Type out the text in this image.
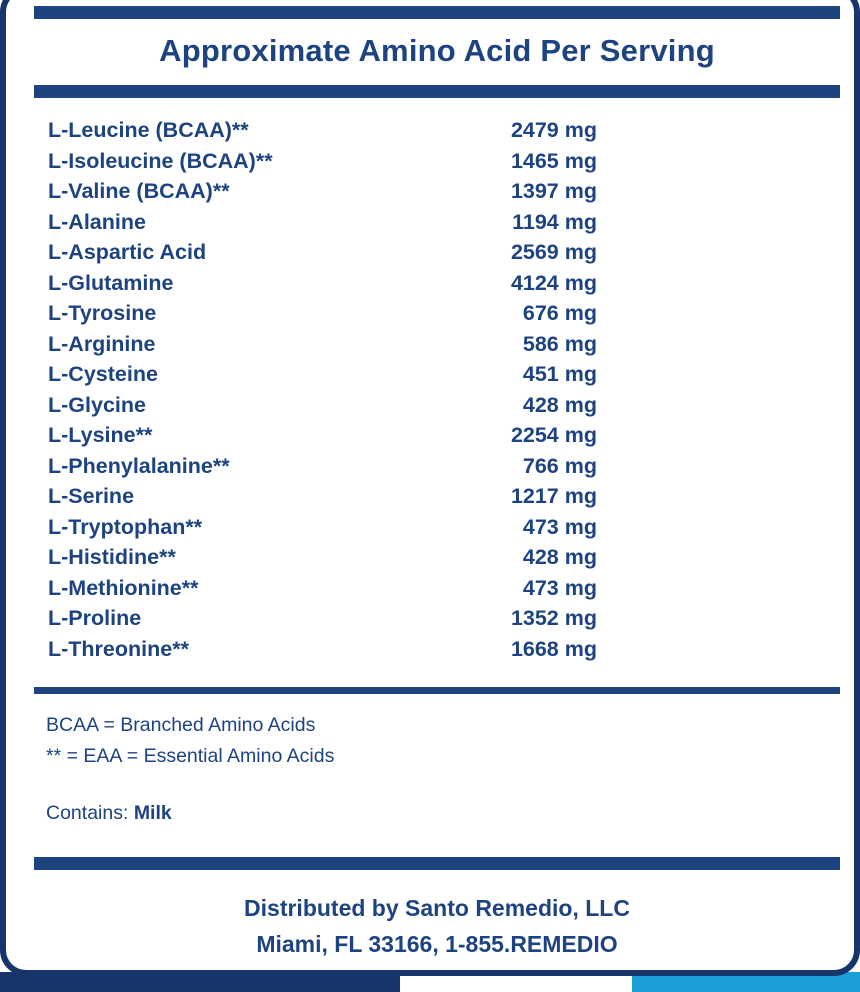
Approximate Amino Acid Per Serving
L-Leucine (BCAA)**	2479 mg
L-Isoleucine (BCAA)**	1465 mg
L-Valine (BCAA)**	1397 mg
L-Alanine	1194 mg
L-Aspartic Acid	2569 mg
L-Glutamine	4124 mg
L-Tyrosine	676 mg
L-Arginine	586 mg
L-Cysteine	451 mg
L-Glycine	428 mg
L-Lysine**	2254 mg
L-Phenylalanine**	766 mg
L-Serine	1217 mg
L-Tryptophan**	473 mg
L-Histidine**	428 mg
L-Methionine**	473 mg
L-Proline	1352 mg
L-Threonine**	1668 mg
BCAA = Branched Amino Acids
** = EAA = Essential Amino Acids
Contains: Milk
Distributed by Santo Remedio, LLC
Miami, FL 33166, 1-855.REMEDIO
